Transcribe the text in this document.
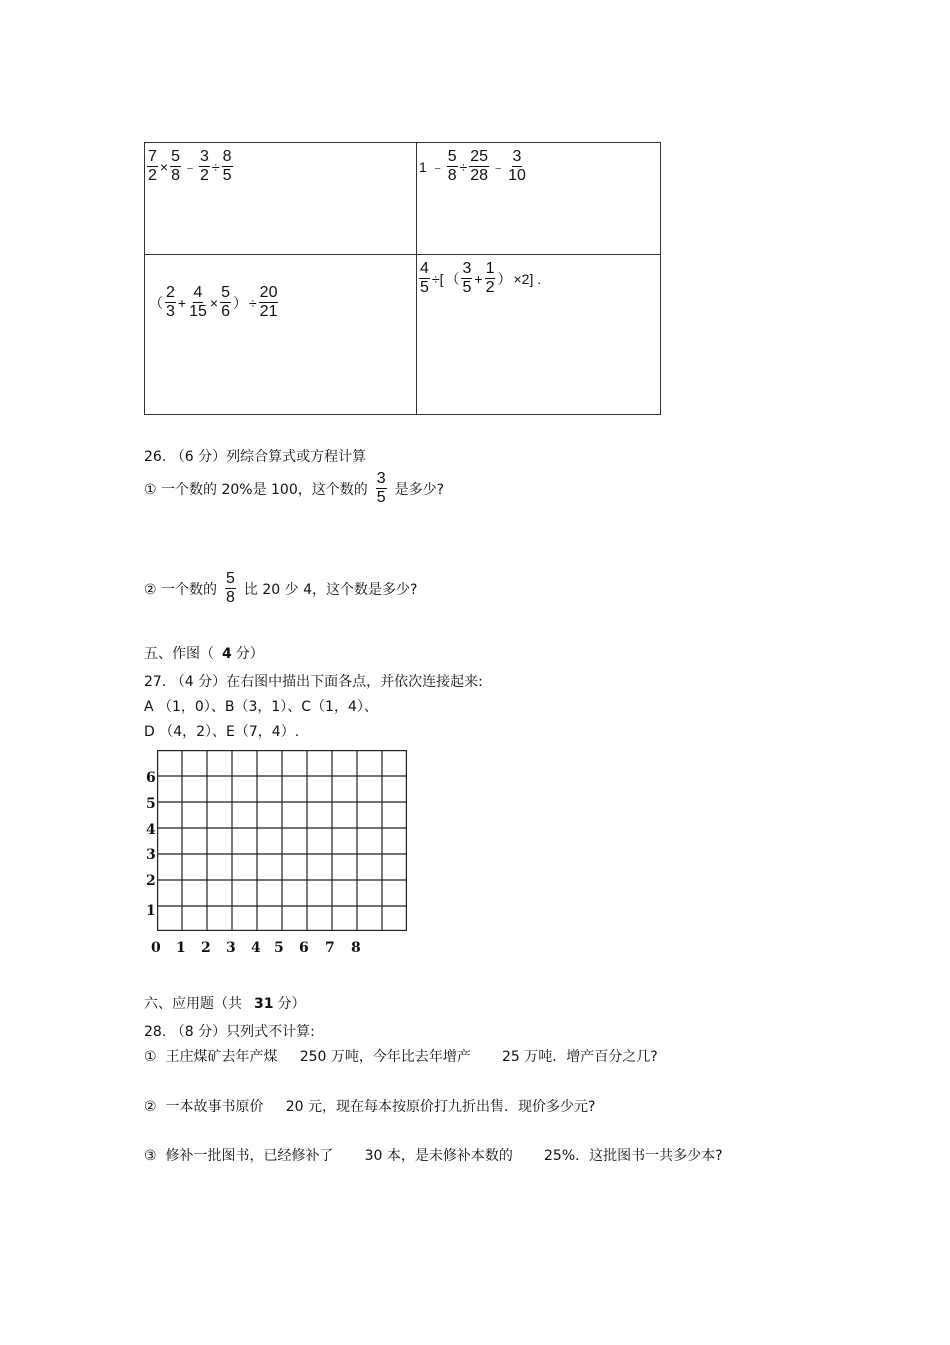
$\frac{7}{2} \times \frac{5}{8}$ ﹣ $\frac{3}{2} \div \frac{8}{5}$	1 ﹣ $\frac{5}{8} \div \frac{25}{28}$ ﹣ $\frac{3}{10}$
（ $\frac{2}{3} + \frac{4}{15} \times \frac{5}{6}$ ） ÷ $\frac{20}{21}$
$\frac{4}{5}$ ÷[ （ $\frac{3}{5} + \frac{1}{2}$ ） ×2] .
26. （6 分）列综合算式或方程计算
① 一个数的 20%是 100，这个数的 $\frac{3}{5}$ 是多少?
② 一个数的 $\frac{5}{8}$ 比 20 少 4，这个数是多少?
五、作图（ 4 分）
27. （4 分）在右图中描出下面各点，并依次连接起来:
A （1，0）、B（3，1）、C（1，4）、
D （4，2）、E（7，4）.
6
5
4
3
2
1
0 1 2 3 4 5 6 7 8
六、应用题（共 31 分）
28. （8 分）只列式不计算:
①  王庄煤矿去年产煤     250 万吨，今年比去年增产       25 万吨．增产百分之几?
②  一本故事书原价     20 元，现在每本按原价打九折出售．现价多少元?
③  修补一批图书，已经修补了       30 本，是未修补本数的       25%．这批图书一共多少本?
